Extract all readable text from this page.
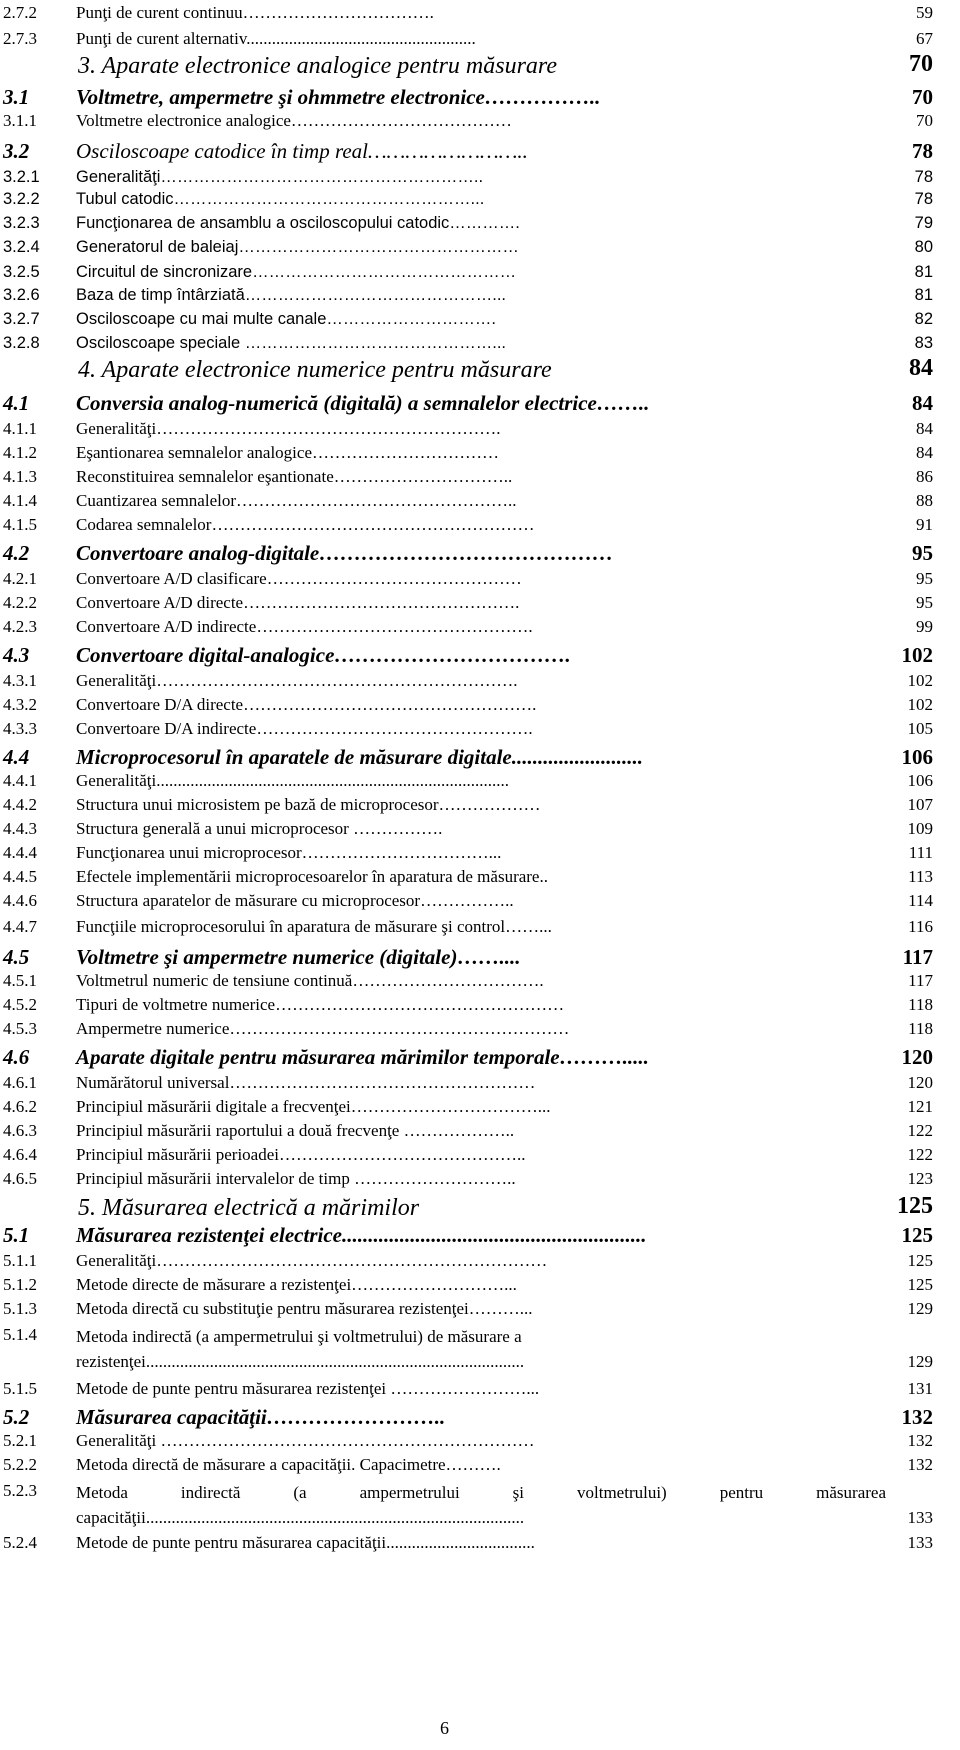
2.7.2 Punţi de curent continuu…………………………….	59
2.7.3 Punţi de curent alternativ......................................................	67
3. Aparate electronice analogice pentru măsurare	70
3.1 Voltmetre, ampermetre şi ohmmetre electronice……………..	70
3.1.1 Voltmetre electronice analogice…………………………………	70
3.2 Osciloscoape catodice în timp real……………………..	78
3.2.1 Generalităţi…………………………………………………..	78
3.2.2 Tubul catodic………………………………………………...	78
3.2.3 Funcţionarea de ansamblu a osciloscopului catodic………….	79
3.2.4 Generatorul de baleiaj……………………………………………	80
3.2.5 Circuitul de sincronizare…………………………………………	81
3.2.6 Baza de timp întârziată………………………………………...	81
3.2.7 Osciloscoape cu mai multe canale………………………….	82
3.2.8 Osciloscoape speciale ………………………………………...	83
4. Aparate electronice numerice pentru măsurare	84
4.1 Conversia analog-numerică (digitală) a semnalelor electrice……..	84
4.1.1 Generalităţi…………………………………………………….	84
4.1.2 Eşantionarea semnalelor analogice……………………………	84
4.1.3 Reconstituirea semnalelor eşantionate…………………………..	86
4.1.4 Cuantizarea semnalelor…………………………………………..	88
4.1.5 Codarea semnalelor…………………………………………………	91
4.2 Convertoare analog-digitale……………………………………	95
4.2.1 Convertoare A/D clasificare………………………………………	95
4.2.2 Convertoare A/D directe………………………………………….	95
4.2.3 Convertoare A/D indirecte………………………………………….	99
4.3 Convertoare digital-analogice…………………………….	102
4.3.1 Generalităţi……………………………………………………….	102
4.3.2 Convertoare D/A directe…………………………………………….	102
4.3.3 Convertoare D/A indirecte………………………………………….	105
4.4 Microprocesorul în aparatele de măsurare digitale.........................	106
4.4.1 Generalităţi...................................................................................	106
4.4.2 Structura unui microsistem pe bază de microprocesor………………	107
4.4.3 Structura generală a unui microprocesor …………….	109
4.4.4 Funcţionarea unui microprocesor……………………………...	111
4.4.5 Efectele implementării microprocesoarelor în aparatura de măsurare..	113
4.4.6 Structura aparatelor de măsurare cu microprocesor……………..	114
4.4.7 Funcţiile microprocesorului în aparatura de măsurare şi control……...	116
4.5 Voltmetre şi ampermetre numerice (digitale)……....	117
4.5.1 Voltmetrul numeric de tensiune continuă…………………………….	117
4.5.2 Tipuri de voltmetre numerice……………………………………………	118
4.5.3 Ampermetre numerice……………………………………………………	118
4.6 Aparate digitale pentru măsurarea mărimilor temporale……….....	120
4.6.1 Numărătorul universal………………………………………………	120
4.6.2 Principiul măsurării digitale a frecvenţei……………………………...	121
4.6.3 Principiul măsurării raportului a două frecvenţe ………………..	122
4.6.4 Principiul măsurării perioadei……………………………………..	122
4.6.5 Principiul măsurării intervalelor de timp ………………………..	123
5. Măsurarea electrică a mărimilor	125
5.1 Măsurarea rezistenţei electrice..........................................................	125
5.1.1 Generalităţi……………………………………………………………	125
5.1.2 Metode directe de măsurare a rezistenţei………………………...	125
5.1.3 Metoda directă cu substituţie pentru măsurarea rezistenţei………...	129
5.1.4 Metoda indirectă (a ampermetrului şi voltmetrului) de măsurare a rezistenţei.........................................................................................	129
5.1.5 Metode de punte pentru măsurarea rezistenţei ……………………...	131
5.2 Măsurarea capacităţii……………………..	132
5.2.1 Generalităţi …………………………………………………………	132
5.2.2 Metoda directă de măsurare a capacităţii. Capacimetre……….	132
5.2.3 Metoda indirectă (a ampermetrului şi voltmetrului) pentru măsurarea capacităţii.........................................................................................	133
5.2.4 Metode de punte pentru măsurarea capacităţii...................................	133
6
